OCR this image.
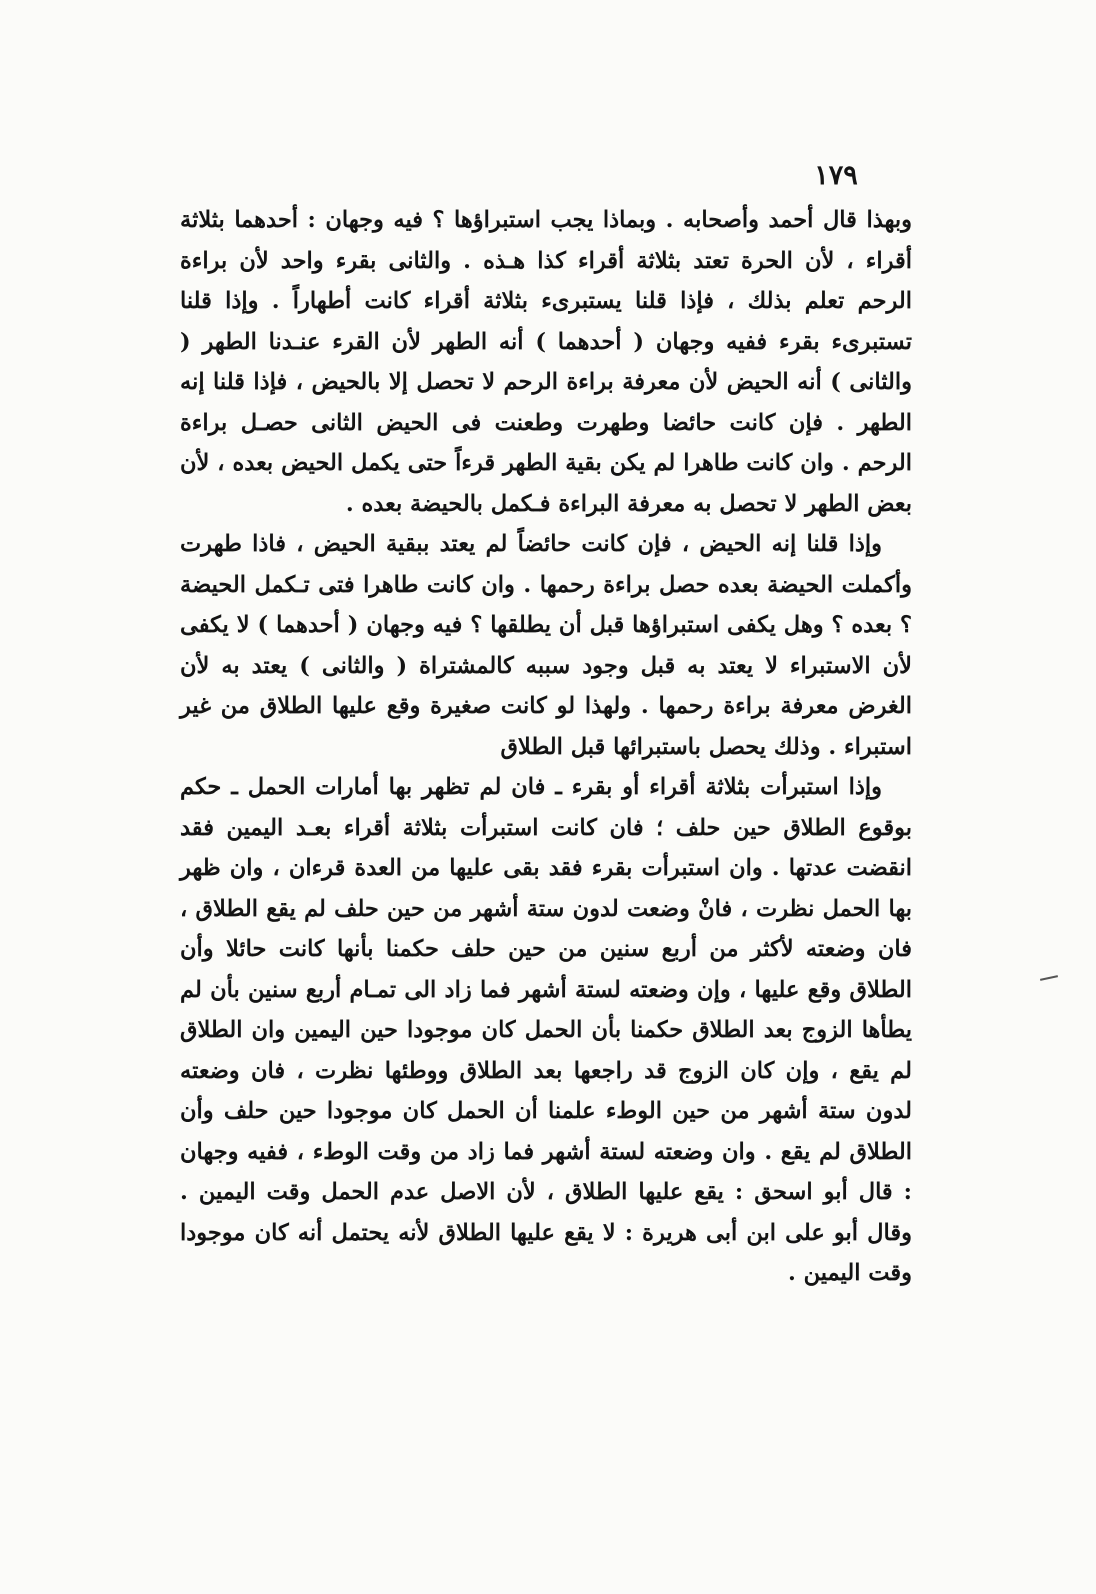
١٧٩

وبهذا قال أحمد وأصحابه . وبماذا يجب استبراؤها ؟ فيه وجهان : أحدهما بثلاثة أقراء ، لأن الحرة تعتد بثلاثة أقراء كذا هـذه . والثانى بقرء واحد لأن براءة الرحم تعلم بذلك ، فإذا قلنا يستبرىء بثلاثة أقراء كانت أطهاراً . وإذا قلنا تستبرىء بقرء ففيه وجهان ( أحدهما ) أنه الطهر لأن القرء عنـدنا الطهر ( والثانى ) أنه الحيض لأن معرفة براءة الرحم لا تحصل إلا بالحيض ، فإذا قلنا إنه الطهر . فإن كانت حائضا وطهرت وطعنت فى الحيض الثانى حصـل براءة الرحم . وان كانت طاهرا لم يكن بقية الطهر قرءاً حتى يكمل الحيض بعده ، لأن بعض الطهر لا تحصل به معرفة البراءة فـكمل بالحيضة بعده .

وإذا قلنا إنه الحيض ، فإن كانت حائضاً لم يعتد ببقية الحيض ، فاذا طهرت وأكملت الحيضة بعده حصل براءة رحمها . وان كانت طاهرا فتى تـكمل الحيضة ؟ بعده ؟ وهل يكفى استبراؤها قبل أن يطلقها ؟ فيه وجهان ( أحدهما ) لا يكفى لأن الاستبراء لا يعتد به قبل وجود سببه كالمشتراة ( والثانى ) يعتد به لأن الغرض معرفة براءة رحمها . ولهذا لو كانت صغيرة وقع عليها الطلاق من غير استبراء . وذلك يحصل باستبرائها قبل الطلاق

وإذا استبرأت بثلاثة أقراء أو بقرء ـ فان لم تظهر بها أمارات الحمل ـ حكم بوقوع الطلاق حين حلف ؛ فان كانت استبرأت بثلاثة أقراء بعـد اليمين فقد انقضت عدتها . وان استبرأت بقرء فقد بقى عليها من العدة قرءان ، وان ظهر بها الحمل نظرت ، فانْ وضعت لدون ستة أشهر من حين حلف لم يقع الطلاق ، فان وضعته لأكثر من أربع سنين من حين حلف حكمنا بأنها كانت حائلا وأن الطلاق وقع عليها ، وإن وضعته لستة أشهر فما زاد الى تمـام أربع سنين بأن لم يطأها الزوج بعد الطلاق حكمنا بأن الحمل كان موجودا حين اليمين وان الطلاق لم يقع ، وإن كان الزوج قد راجعها بعد الطلاق ووطئها نظرت ، فان وضعته لدون ستة أشهر من حين الوطء علمنا أن الحمل كان موجودا حين حلف وأن الطلاق لم يقع . وان وضعته لستة أشهر فما زاد من وقت الوطء ، ففيه وجهان : قال أبو اسحق : يقع عليها الطلاق ، لأن الاصل عدم الحمل وقت اليمين . وقال أبو على ابن أبى هريرة : لا يقع عليها الطلاق لأنه يحتمل أنه كان موجودا وقت اليمين .
